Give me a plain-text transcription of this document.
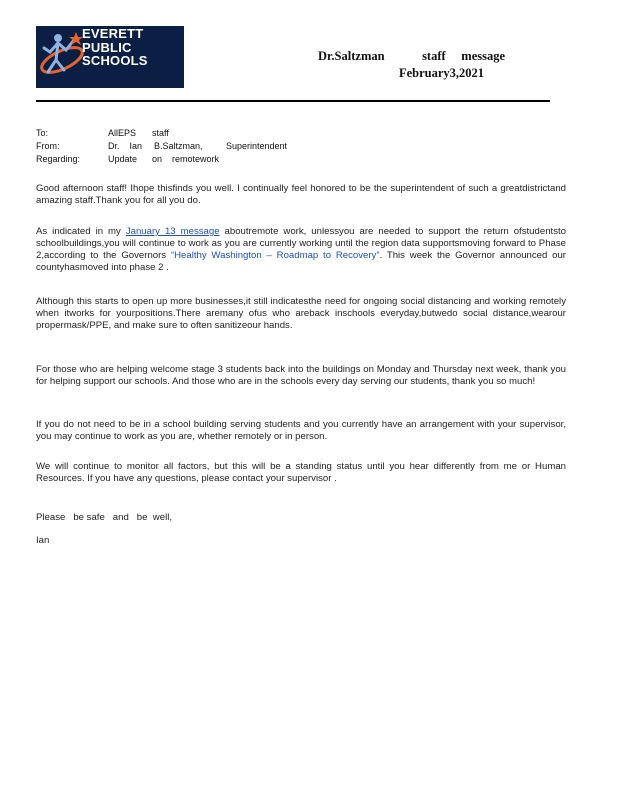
EVERETT
PUBLIC
SCHOOLS	Dr.Saltzman	staff     message
February3,2021
To:	AllEPS staff
From:	Dr.    Ian B.Saltzman,	Superintendent
Regarding:	Update on    remotework
Good afternoon staff! Ihope thisfinds you well. I continually feel honored to be the superintendent of such a greatdistrictand amazing staff.Thank you for all you do.
As indicated in my January 13 message aboutremote work, unlessyou are needed to support the return ofstudentsto schoolbuildings,you will continue to work as you are currently working until the region data supportsmoving forward to Phase 2,according to the Governors “Healthy Washington – Roadmap to Recovery”. This week the Governor announced our countyhasmoved into phase 2 .
Although this starts to open up more businesses,it still indicatesthe need for ongoing social distancing and working remotely when itworks for yourpositions.There aremany ofus who areback inschools everyday,butwedo social distance,wearour propermask/PPE, and make sure to often sanitizeour hands.
For those who are helping welcome stage 3 students back into the buildings on Monday and Thursday next week, thank you for helping support our schools. And those who are in the schools every day serving our students, thank you so much!
If you do not need to be in a school building serving students and you currently have an arrangement with your supervisor, you may continue to work as you are, whether remotely or in person.
We will continue to monitor all factors, but this will be a standing status until you hear differently from me or Human Resources. If you have any questions, please contact your supervisor .
Please   be safe   and   be  well,
Ian
